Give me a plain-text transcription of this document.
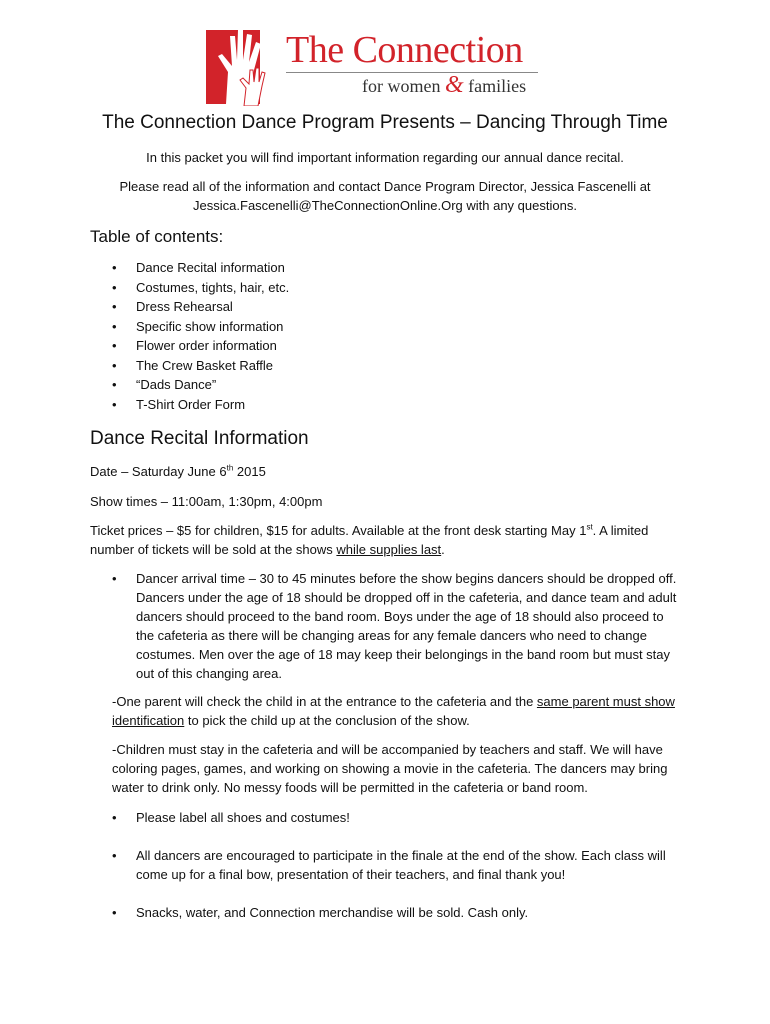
The Connection
for women & families
The Connection Dance Program Presents – Dancing Through Time
In this packet you will find important information regarding our annual dance recital.
Please read all of the information and contact Dance Program Director, Jessica Fascenelli at
Jessica.Fascenelli@TheConnectionOnline.Org with any questions.
Table of contents:
• Dance Recital information
• Costumes, tights, hair, etc.
• Dress Rehearsal
• Specific show information
• Flower order information
• The Crew Basket Raffle
• “Dads Dance”
• T-Shirt Order Form
Dance Recital Information
Date – Saturday June 6th 2015
Show times – 11:00am, 1:30pm, 4:00pm
Ticket prices – $5 for children, $15 for adults. Available at the front desk starting May 1st. A limited number of tickets will be sold at the shows while supplies last.
• Dancer arrival time – 30 to 45 minutes before the show begins dancers should be dropped off. Dancers under the age of 18 should be dropped off in the cafeteria, and dance team and adult dancers should proceed to the band room. Boys under the age of 18 should also proceed to the cafeteria as there will be changing areas for any female dancers who need to change costumes. Men over the age of 18 may keep their belongings in the band room but must stay out of this changing area.
-One parent will check the child in at the entrance to the cafeteria and the same parent must show identification to pick the child up at the conclusion of the show.
-Children must stay in the cafeteria and will be accompanied by teachers and staff. We will have coloring pages, games, and working on showing a movie in the cafeteria. The dancers may bring water to drink only. No messy foods will be permitted in the cafeteria or band room.
• Please label all shoes and costumes!
• All dancers are encouraged to participate in the finale at the end of the show. Each class will come up for a final bow, presentation of their teachers, and final thank you!
• Snacks, water, and Connection merchandise will be sold. Cash only.
